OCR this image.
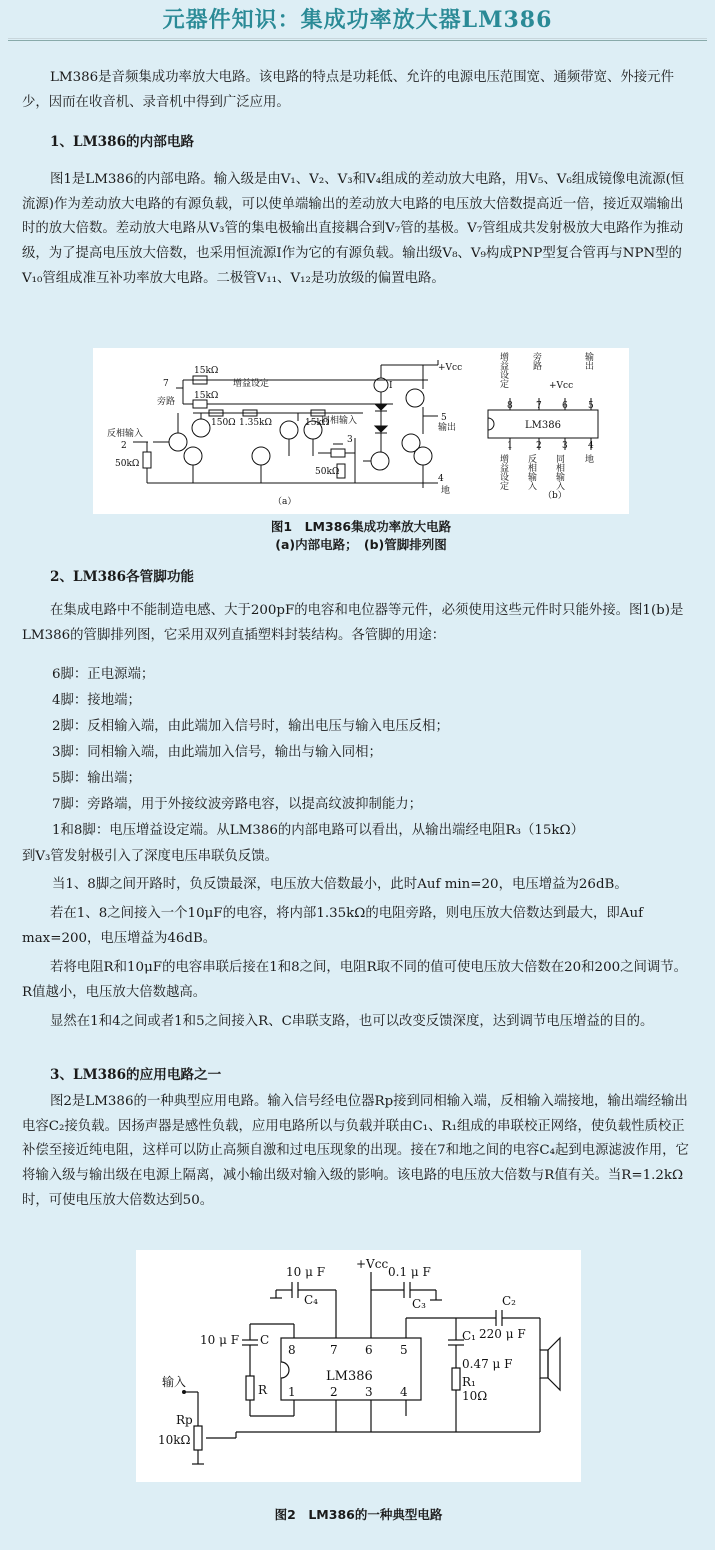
元器件知识：集成功率放大器LM386
LM386是音频集成功率放大电路。该电路的特点是功耗低、允许的电源电压范围宽、通频带宽、外接元件少，因而在收音机、录音机中得到广泛应用。
1、LM386的内部电路
图1是LM386的内部电路。输入级是由V₁、V₂、V₃和V₄组成的差动放大电路，用V₅、V₆组成镜像电流源(恒流源)作为差动放大电路的有源负载，可以使单端输出的差动放大电路的电压放大倍数提高近一倍，接近双端输出时的放大倍数。差动放大电路从V₃管的集电极输出直接耦合到V₇管的基极。V₇管组成共发射极放大电路作为推动级，为了提高电压放大倍数，也采用恒流源I作为它的有源负载。输出级V₈、V₉构成PNP型复合管再与NPN型的V₁₀管组成准互补功率放大电路。二极管V₁₁、V₁₂是功放级的偏置电路。
7
旁路
15kΩ
15kΩ
增益设定
150Ω 1.35kΩ	15kΩ
反相输入
2
50kΩ
同相输入
3
50kΩ
I
+Vcc
5
输出
4
地
（a）
LM386
8	7 6 5
1	2 3 4
+Vcc
（b）
增益设定	旁路	输出
增益设定 反相输入 同相输入 地
图1　LM386集成功率放大电路
(a)内部电路；　(b)管脚排列图
2、LM386各管脚功能
在集成电路中不能制造电感、大于200pF的电容和电位器等元件，必须使用这些元件时只能外接。图1(b)是LM386的管脚排列图，它采用双列直插塑料封装结构。各管脚的用途：
6脚：正电源端；
4脚：接地端；
2脚：反相输入端，由此端加入信号时，输出电压与输入电压反相；
3脚：同相输入端，由此端加入信号，输出与输入同相；
5脚：输出端；
7脚：旁路端，用于外接纹波旁路电容，以提高纹波抑制能力；
1和8脚：电压增益设定端。从LM386的内部电路可以看出，从输出端经电阻R₃（15kΩ）
到V₃管发射极引入了深度电压串联负反馈。
当1、8脚之间开路时，负反馈最深，电压放大倍数最小，此时Auf min=20，电压增益为26dB。
若在1、8之间接入一个10μF的电容，将内部1.35kΩ的电阻旁路，则电压放大倍数达到最大，即Auf max=200，电压增益为46dB。
若将电阻R和10μF的电容串联后接在1和8之间，电阻R取不同的值可使电压放大倍数在20和200之间调节。R值越小，电压放大倍数越高。
显然在1和4之间或者1和5之间接入R、C串联支路，也可以改变反馈深度，达到调节电压增益的目的。
3、LM386的应用电路之一
图2是LM386的一种典型应用电路。输入信号经电位器Rp接到同相输入端，反相输入端接地，输出端经输出电容C₂接负载。因扬声器是感性负载，应用电路所以与负载并联由C₁、R₁组成的串联校正网络，使负载性质校正补偿至接近纯电阻，这样可以防止高频自激和过电压现象的出现。接在7和地之间的电容C₄起到电源滤波作用，它将输入级与输出级在电源上隔离，减小输出级对输入级的影响。该电路的电压放大倍数与R值有关。当R=1.2kΩ时，可使电压放大倍数达到50。
10 μ F
C₄
+Vcc
0.1 μ F
C₃	C₂
220 μ F
C₁
0.47 μ F
R₁
10Ω
10 μ F C
R
输入
Rp
10kΩ
LM386
8	7 6 5
1	2 3 4
图2　LM386的一种典型电路
